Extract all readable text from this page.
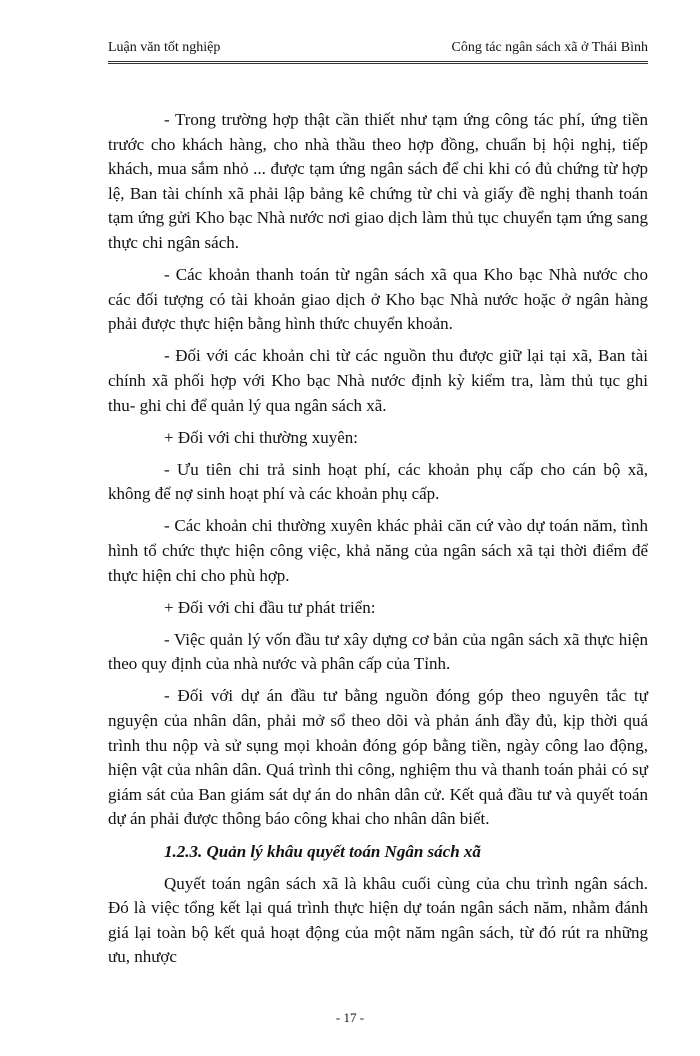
Luận văn tốt nghiệp	Công tác ngân sách xã ở Thái Bình

- Trong trường hợp thật cần thiết như tạm ứng công tác phí, ứng tiền trước cho khách hàng, cho nhà thầu theo hợp đồng, chuẩn bị hội nghị, tiếp khách, mua sắm nhỏ ... được tạm ứng ngân sách để chi khi có đủ chứng từ hợp lệ, Ban tài chính xã phải lập bảng kê chứng từ chi và giấy đề nghị thanh toán tạm ứng gửi Kho bạc Nhà nước nơi giao dịch làm thủ tục chuyển tạm ứng sang thực chi ngân sách.

- Các khoản thanh toán từ ngân sách xã qua Kho bạc Nhà nước cho các đối tượng có tài khoản giao dịch ở Kho bạc Nhà nước hoặc ở ngân hàng phải được thực hiện bằng hình thức chuyển khoản.

- Đối với các khoản chi từ các nguồn thu được giữ lại tại xã, Ban tài chính xã phối hợp với Kho bạc Nhà nước định kỳ kiểm tra, làm thủ tục ghi thu- ghi chi để quản lý qua ngân sách xã.

+ Đối với chi thường xuyên:

- Ưu tiên chi trả sinh hoạt phí, các khoản phụ cấp cho cán bộ xã, không để nợ sinh hoạt phí và các khoản phụ cấp.

- Các khoản chi thường xuyên khác phải căn cứ vào dự toán năm, tình hình tổ chức thực hiện công việc, khả năng của ngân sách xã tại thời điểm để thực hiện chi cho phù hợp.

+ Đối với chi đầu tư phát triển:

- Việc quản lý vốn đầu tư xây dựng cơ bản của ngân sách xã thực hiện theo quy định của nhà nước và phân cấp của Tỉnh.

- Đối với dự án đầu tư bằng nguồn đóng góp theo nguyên tắc tự nguyện của nhân dân, phải mở sổ theo dõi và phản ánh đầy đủ, kịp thời quá trình thu nộp và sử sụng mọi khoản đóng góp bằng tiền, ngày công lao động, hiện vật của nhân dân. Quá trình thi công, nghiệm thu và thanh toán phải có sự giám sát của Ban giám sát dự án do nhân dân cử. Kết quả đầu tư và quyết toán dự án phải được thông báo công khai cho nhân dân biết.

1.2.3. Quản lý khâu quyết toán Ngân sách xã

Quyết toán ngân sách xã là khâu cuối cùng của chu trình ngân sách. Đó là việc tổng kết lại quá trình thực hiện dự toán ngân sách năm, nhằm đánh giá lại toàn bộ kết quả hoạt động của một năm ngân sách, từ đó rút ra những ưu, nhược

- 17 -
